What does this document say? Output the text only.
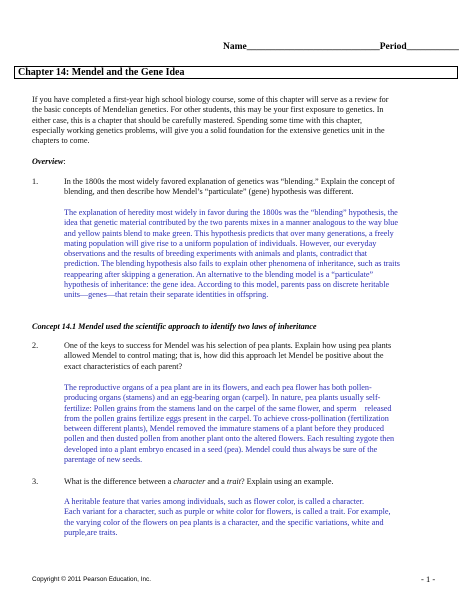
Name____________________________Period___________
Chapter 14: Mendel and the Gene Idea
If you have completed a first-year high school biology course, some of this chapter will serve as a review for
the basic concepts of Mendelian genetics. For other students, this may be your first exposure to genetics. In
either case, this is a chapter that should be carefully mastered. Spending some time with this chapter,
especially working genetics problems, will give you a solid foundation for the extensive genetics unit in the
chapters to come.
Overview:
1.	In the 1800s the most widely favored explanation of genetics was “blending.” Explain the concept of
blending, and then describe how Mendel’s “particulate” (gene) hypothesis was different.
The explanation of heredity most widely in favor during the 1800s was the “blending” hypothesis, the
idea that genetic material contributed by the two parents mixes in a manner analogous to the way blue
and yellow paints blend to make green. This hypothesis predicts that over many generations, a freely
mating population will give rise to a uniform population of individuals. However, our everyday
observations and the results of breeding experiments with animals and plants, contradict that
prediction. The blending hypothesis also fails to explain other phenomena of inheritance, such as traits
reappearing after skipping a generation. An alternative to the blending model is a “particulate”
hypothesis of inheritance: the gene idea. According to this model, parents pass on discrete heritable
units—genes—that retain their separate identities in offspring.
Concept 14.1 Mendel used the scientific approach to identify two laws of inheritance
2.	One of the keys to success for Mendel was his selection of pea plants. Explain how using pea plants
allowed Mendel to control mating; that is, how did this approach let Mendel be positive about the
exact characteristics of each parent?
The reproductive organs of a pea plant are in its flowers, and each pea flower has both pollen-
producing organs (stamens) and an egg-bearing organ (carpel). In nature, pea plants usually self-
fertilize: Pollen grains from the stamens land on the carpel of the same flower, and sperm    released
from the pollen grains fertilize eggs present in the carpel. To achieve cross-pollination (fertilization
between different plants), Mendel removed the immature stamens of a plant before they produced
pollen and then dusted pollen from another plant onto the altered flowers. Each resulting zygote then
developed into a plant embryo encased in a seed (pea). Mendel could thus always be sure of the
parentage of new seeds.
3.	What is the difference between a character and a trait? Explain using an example.
A heritable feature that varies among individuals, such as flower color, is called a character.
Each variant for a character, such as purple or white color for flowers, is called a trait. For example,
the varying color of the flowers on pea plants is a character, and the specific variations, white and
purple,are traits.
Copyright © 2011 Pearson Education, Inc.	- 1 -
